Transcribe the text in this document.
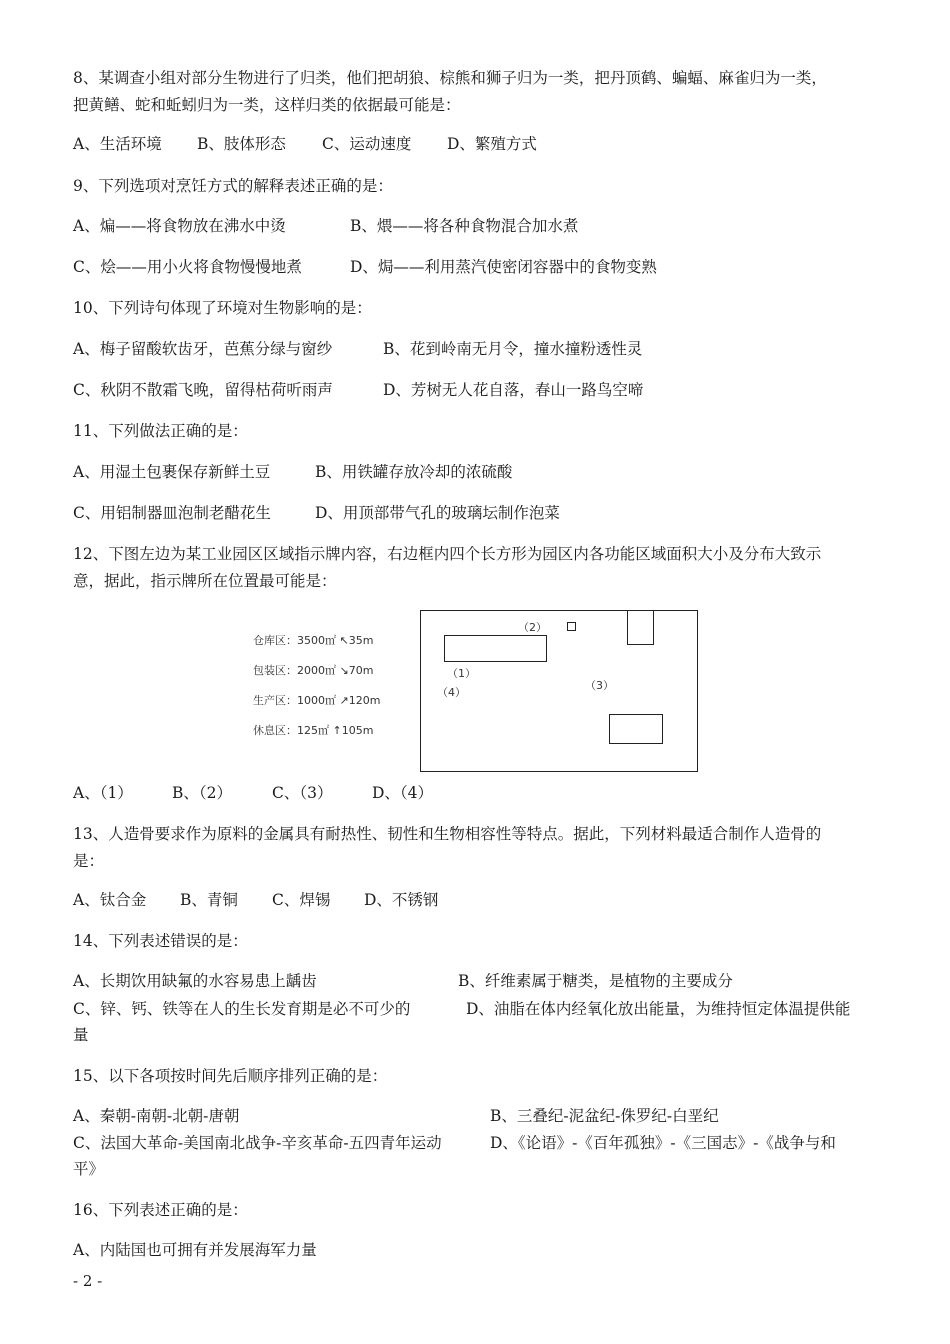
8、某调查小组对部分生物进行了归类，他们把胡狼、棕熊和狮子归为一类，把丹顶鹤、蝙蝠、麻雀归为一类，
把黄鳝、蛇和蚯蚓归为一类，这样归类的依据最可能是：
A、生活环境 B、肢体形态 C、运动速度 D、繁殖方式
9、下列选项对烹饪方式的解释表述正确的是：
A、煸——将食物放在沸水中烫	B、煨——将各种食物混合加水煮
C、烩——用小火将食物慢慢地煮	D、焗——利用蒸汽使密闭容器中的食物变熟
10、下列诗句体现了环境对生物影响的是：
A、梅子留酸软齿牙，芭蕉分绿与窗纱	B、花到岭南无月令，撞水撞粉透性灵
C、秋阴不散霜飞晚，留得枯荷听雨声	D、芳树无人花自落，春山一路鸟空啼
11、下列做法正确的是：
A、用湿土包裹保存新鲜土豆	B、用铁罐存放冷却的浓硫酸
C、用铝制器皿泡制老醋花生	D、用顶部带气孔的玻璃坛制作泡菜
12、下图左边为某工业园区区域指示牌内容，右边框内四个长方形为园区内各功能区域面积大小及分布大致示
意，据此，指示牌所在位置最可能是：
仓库区：3500㎡ ↖35m
包装区：2000㎡ ↘70m
生产区：1000㎡ ↗120m
休息区：125㎡ ↑105m
（2）
（1）
（4）
（3）
A、（1）	B、（2）	C、（3）	D、（4）
13、人造骨要求作为原料的金属具有耐热性、韧性和生物相容性等特点。据此，下列材料最适合制作人造骨的
是：
A、钛合金 B、青铜 C、焊锡 D、不锈钢
14、下列表述错误的是：
A、长期饮用缺氟的水容易患上龋齿	B、纤维素属于糖类，是植物的主要成分
C、锌、钙、铁等在人的生长发育期是必不可少的	D、油脂在体内经氧化放出能量，为维持恒定体温提供能
量
15、以下各项按时间先后顺序排列正确的是：
A、秦朝-南朝-北朝-唐朝	B、三叠纪-泥盆纪-侏罗纪-白垩纪
C、法国大革命-美国南北战争-辛亥革命-五四青年运动	D、《论语》-《百年孤独》-《三国志》-《战争与和
平》
16、下列表述正确的是：
A、内陆国也可拥有并发展海军力量
- 2 -
